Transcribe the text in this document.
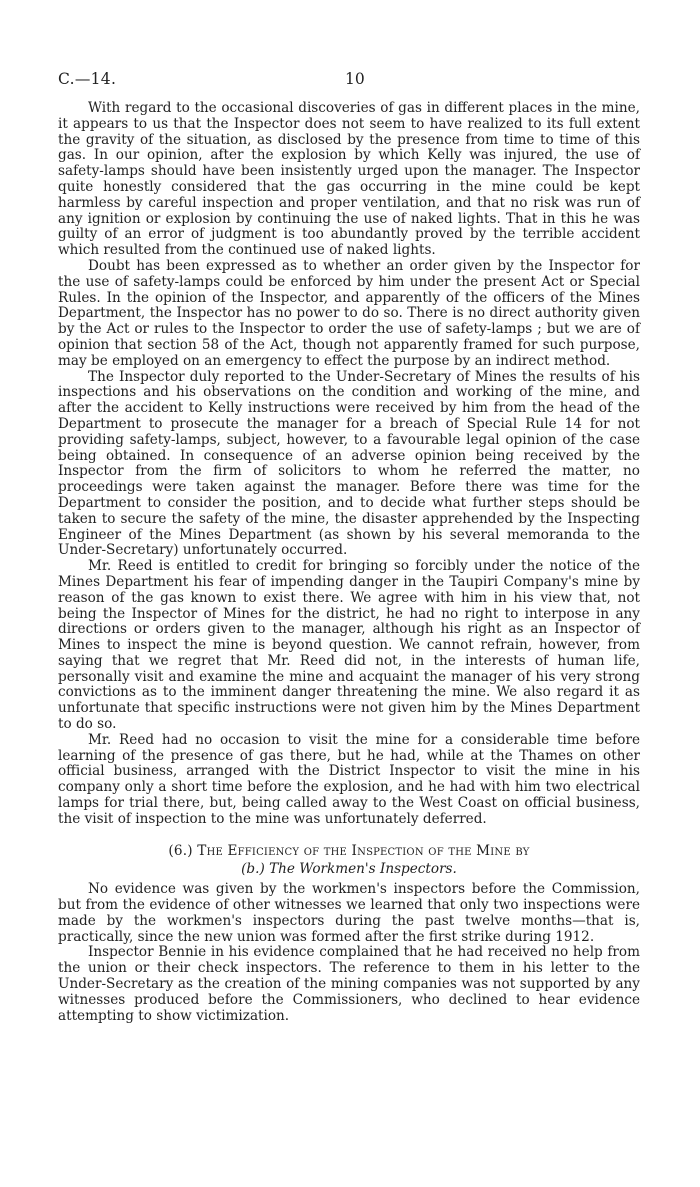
C.—14.	10

With regard to the occasional discoveries of gas in different places in the mine, it appears to us that the Inspector does not seem to have realized to its full extent the gravity of the situation, as disclosed by the presence from time to time of this gas. In our opinion, after the explosion by which Kelly was injured, the use of safety-lamps should have been insistently urged upon the manager. The Inspector quite honestly considered that the gas occurring in the mine could be kept harmless by careful inspection and proper ventilation, and that no risk was run of any ignition or explosion by continuing the use of naked lights. That in this he was guilty of an error of judgment is too abundantly proved by the terrible accident which resulted from the continued use of naked lights.

Doubt has been expressed as to whether an order given by the Inspector for the use of safety-lamps could be enforced by him under the present Act or Special Rules. In the opinion of the Inspector, and apparently of the officers of the Mines Department, the Inspector has no power to do so. There is no direct authority given by the Act or rules to the Inspector to order the use of safety-lamps ; but we are of opinion that section 58 of the Act, though not apparently framed for such purpose, may be employed on an emergency to effect the purpose by an indirect method.

The Inspector duly reported to the Under-Secretary of Mines the results of his inspections and his observations on the condition and working of the mine, and after the accident to Kelly instructions were received by him from the head of the Department to prosecute the manager for a breach of Special Rule 14 for not providing safety-lamps, subject, however, to a favourable legal opinion of the case being obtained. In consequence of an adverse opinion being received by the Inspector from the firm of solicitors to whom he referred the matter, no proceedings were taken against the manager. Before there was time for the Department to consider the position, and to decide what further steps should be taken to secure the safety of the mine, the disaster apprehended by the Inspecting Engineer of the Mines Department (as shown by his several memoranda to the Under-Secretary) unfortunately occurred.

Mr. Reed is entitled to credit for bringing so forcibly under the notice of the Mines Department his fear of impending danger in the Taupiri Company's mine by reason of the gas known to exist there. We agree with him in his view that, not being the Inspector of Mines for the district, he had no right to interpose in any directions or orders given to the manager, although his right as an Inspector of Mines to inspect the mine is beyond question. We cannot refrain, however, from saying that we regret that Mr. Reed did not, in the interests of human life, personally visit and examine the mine and acquaint the manager of his very strong convictions as to the imminent danger threatening the mine. We also regard it as unfortunate that specific instructions were not given him by the Mines Department to do so.

Mr. Reed had no occasion to visit the mine for a considerable time before learning of the presence of gas there, but he had, while at the Thames on other official business, arranged with the District Inspector to visit the mine in his company only a short time before the explosion, and he had with him two electrical lamps for trial there, but, being called away to the West Coast on official business, the visit of inspection to the mine was unfortunately deferred.

(6.) The Efficiency of the Inspection of the Mine by
(b.) The Workmen's Inspectors.

No evidence was given by the workmen's inspectors before the Commission, but from the evidence of other witnesses we learned that only two inspections were made by the workmen's inspectors during the past twelve months—that is, practically, since the new union was formed after the first strike during 1912.

Inspector Bennie in his evidence complained that he had received no help from the union or their check inspectors. The reference to them in his letter to the Under-Secretary as the creation of the mining companies was not supported by any witnesses produced before the Commissioners, who declined to hear evidence attempting to show victimization.
